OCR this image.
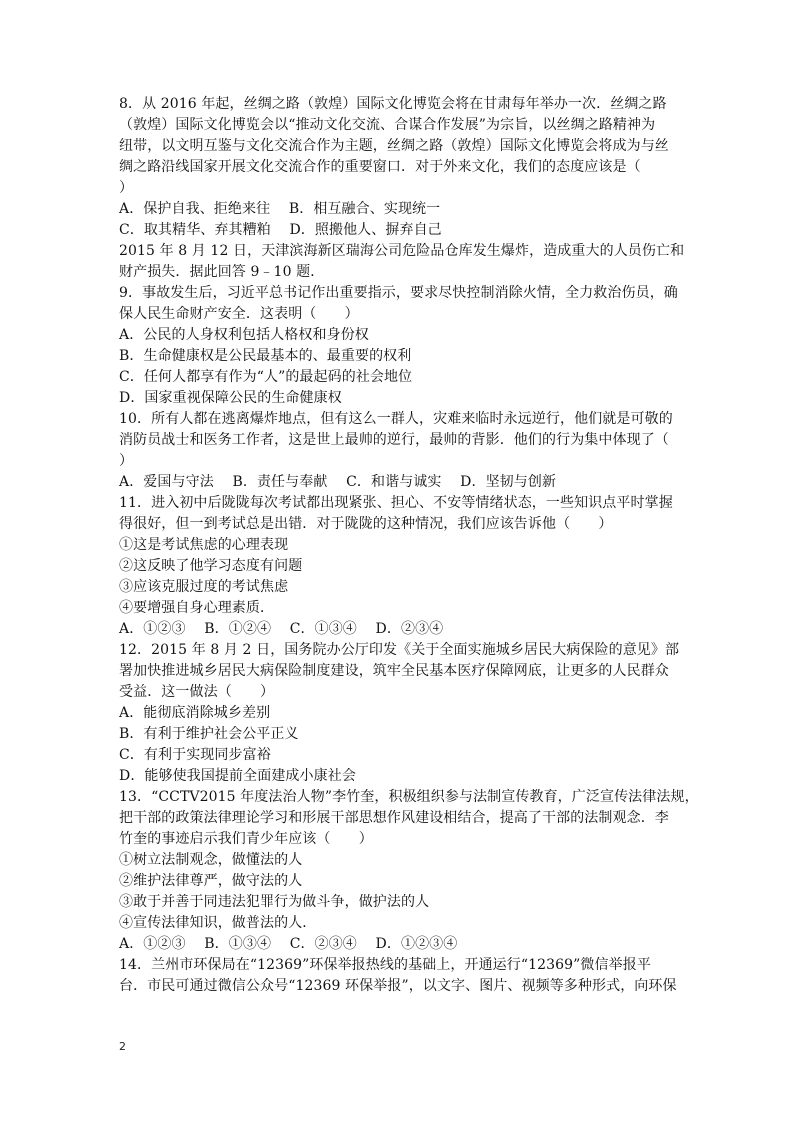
8．从 2016 年起，丝绸之路（敦煌）国际文化博览会将在甘肃每年举办一次．丝绸之路
（敦煌）国际文化博览会以“推动文化交流、合谋合作发展”为宗旨，以丝绸之路精神为
纽带，以文明互鉴与文化交流合作为主题，丝绸之路（敦煌）国际文化博览会将成为与丝
绸之路沿线国家开展文化交流合作的重要窗口．对于外来文化，我们的态度应该是（
）
A．保护自我、拒绝来往　 B．相互融合、实现统一
C．取其精华、弃其糟粕　 D．照搬他人、摒弃自己
2015 年 8 月 12 日，天津滨海新区瑞海公司危险品仓库发生爆炸，造成重大的人员伤亡和
财产损失．据此回答 9﹣10 题．
9．事故发生后，习近平总书记作出重要指示，要求尽快控制消除火情，全力救治伤员，确
保人民生命财产安全．这表明（　　）
A．公民的人身权利包括人格权和身份权
B．生命健康权是公民最基本的、最重要的权利
C．任何人都享有作为“人”的最起码的社会地位
D．国家重视保障公民的生命健康权
10．所有人都在逃离爆炸地点，但有这么一群人，灾难来临时永远逆行，他们就是可敬的
消防员战士和医务工作者，这是世上最帅的逆行，最帅的背影．他们的行为集中体现了（
）
A．爱国与守法　 B．责任与奉献　 C．和谐与诚实　 D．坚韧与创新
11．进入初中后陇陇每次考试都出现紧张、担心、不安等情绪状态，一些知识点平时掌握
得很好，但一到考试总是出错．对于陇陇的这种情况，我们应该告诉他（　　）
①这是考试焦虑的心理表现
②这反映了他学习态度有问题
③应该克服过度的考试焦虑
④要增强自身心理素质．
A．①②③　 B．①②④　 C．①③④　 D．②③④
12．2015 年 8 月 2 日，国务院办公厅印发《关于全面实施城乡居民大病保险的意见》部
署加快推进城乡居民大病保险制度建设，筑牢全民基本医疗保障网底，让更多的人民群众
受益．这一做法（　　）
A．能彻底消除城乡差别
B．有利于维护社会公平正义
C．有利于实现同步富裕
D．能够使我国提前全面建成小康社会
13．“CCTV2015 年度法治人物”李竹奎，积极组织参与法制宣传教育，广泛宣传法律法规，
把干部的政策法律理论学习和形展干部思想作风建设相结合，提高了干部的法制观念．李
竹奎的事迹启示我们青少年应该（　　）
①树立法制观念，做懂法的人
②维护法律尊严，做守法的人
③敢于并善于同违法犯罪行为做斗争，做护法的人
④宣传法律知识，做普法的人．
A．①②③　 B．①③④　 C．②③④　 D．①②③④
14．兰州市环保局在“12369”环保举报热线的基础上，开通运行“12369”微信举报平
台．市民可通过微信公众号“12369 环保举报”，以文字、图片、视频等多种形式，向环保
2
